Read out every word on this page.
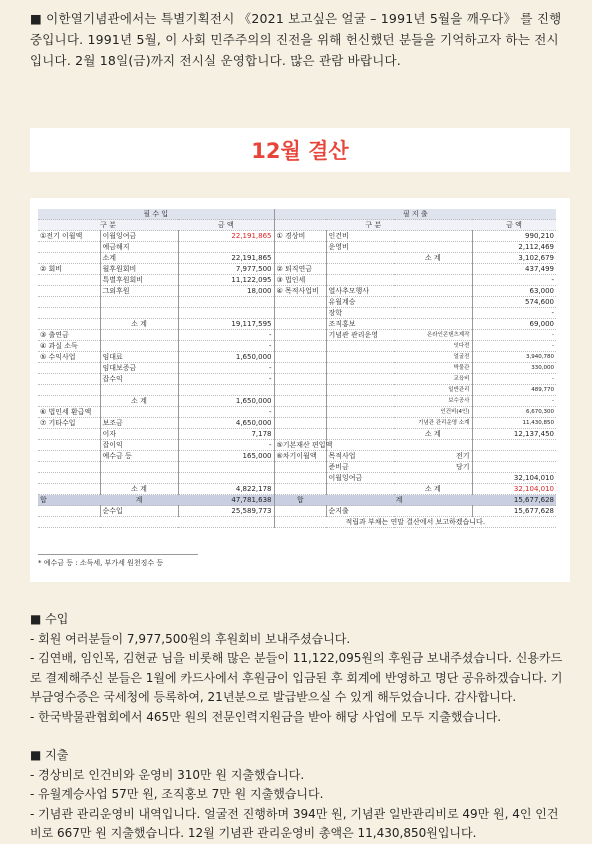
■ 이한열기념관에서는 특별기획전시 《2021 보고싶은 얼굴 – 1991년 5월을 깨우다》 를 진행 중입니다. 1991년 5월, 이 사회 민주주의의 진전을 위해 헌신했던 분들을 기억하고자 하는 전시입니다. 2월 18일(금)까지 전시실 운영합니다. 많은 관람 바랍니다.
12월 결산
필 수 입			필 지 출			
구 분		금 액	구 분			금 액
①전기 이월액	이월잉여금	22,191,865	① 경상비	인건비		990,210
	예금해지			운영비		2,112,469
	소계	22,191,865			소 계	3,102,679
② 회비	월후원회비	7,977,500	② 퇴직연금			437,499
	특별후원회비	11,122,095	③ 법인세			-
	그외후원	18,000	④ 목적사업비	열사추모행사		63,000
				유월계승		574,600
				장학		-
	소 계	19,117,595		조직홍보		69,000
③ 출연금		-		기념관 관리운영	온라인콘텐츠제작	-
④ 과실 소득		-			잇다전	-
⑤ 수익사업	임대료	1,650,000			얼굴전	3,940,780
	임대보증금	-			박물관	330,000
	잡수익	-			교육비	-
					일반관리	489,770
	소 계	1,650,000			보수공사	-
⑥ 법인세 환급액		-			인건비(4인)	6,670,300
⑦ 기타수입	보조금	4,650,000			기념관 관리운영 소계	11,430,850
	이자	7,178			소 계	12,137,450
	잡이익	-	⑤기본재산 편입액			
	예수금 등	165,000	⑥차기이월액	목적사업	전기	
				준비금	당기	
				이월잉여금		32,104,010
	소 계	4,822,178			소 계	32,104,010
합	계	47,781,638	합	계		15,677,628
	순수입	25,589,773		순지출		15,677,628
			적립과 부채는 연말 결산에서 보고하겠습니다.			
* 예수금 등 : 소득세, 부가세 원천징수 등
■ 수입
- 회원 여러분들이 7,977,500원의 후원회비 보내주셨습니다.
- 김연배, 임인목, 김현균 님을 비롯해 많은 분들이 11,122,095원의 후원금 보내주셨습니다. 신용카드로 결제해주신 분들은 1월에 카드사에서 후원금이 입금된 후 회계에 반영하고 명단 공유하겠습니다. 기부금영수증은 국세청에 등록하여, 21년분으로 발급받으실 수 있게 해두었습니다. 감사합니다.
- 한국박물관협회에서 465만 원의 전문인력지원금을 받아 해당 사업에 모두 지출했습니다.
■ 지출
- 경상비로 인건비와 운영비 310만 원 지출했습니다.
- 유월계승사업 57만 원, 조직홍보 7만 원 지출했습니다.
- 기념관 관리운영비 내역입니다. 얼굴전 진행하며 394만 원, 기념관 일반관리비로 49만 원, 4인 인건비로 667만 원 지출했습니다. 12월 기념관 관리운영비 총액은 11,430,850원입니다.
